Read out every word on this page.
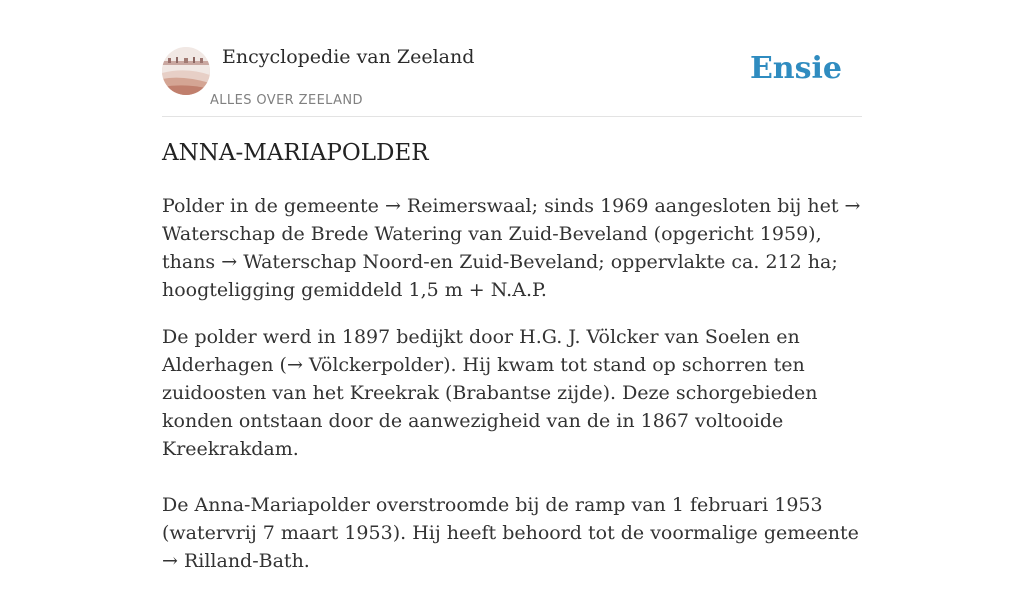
Encyclopedie van Zeeland
ALLES OVER ZEELAND
Ensie
ANNA-MARIAPOLDER

Polder in de gemeente → Reimerswaal; sinds 1969 aangesloten bij het → Waterschap de Brede Watering van Zuid-Beveland (opgericht 1959), thans → Waterschap Noord-en Zuid-Beveland; oppervlakte ca. 212 ha; hoogteligging gemiddeld 1,5 m + N.A.P.

De polder werd in 1897 bedijkt door H.G. J. Völcker van Soelen en Alderhagen (→ Völckerpolder). Hij kwam tot stand op schorren ten zuidoosten van het Kreekrak (Brabantse zijde). Deze schorgebieden konden ontstaan door de aanwezigheid van de in 1867 voltooide Kreekrakdam.

De Anna-Mariapolder overstroomde bij de ramp van 1 februari 1953 (watervrij 7 maart 1953). Hij heeft behoord tot de voormalige gemeente → Rilland-Bath.
